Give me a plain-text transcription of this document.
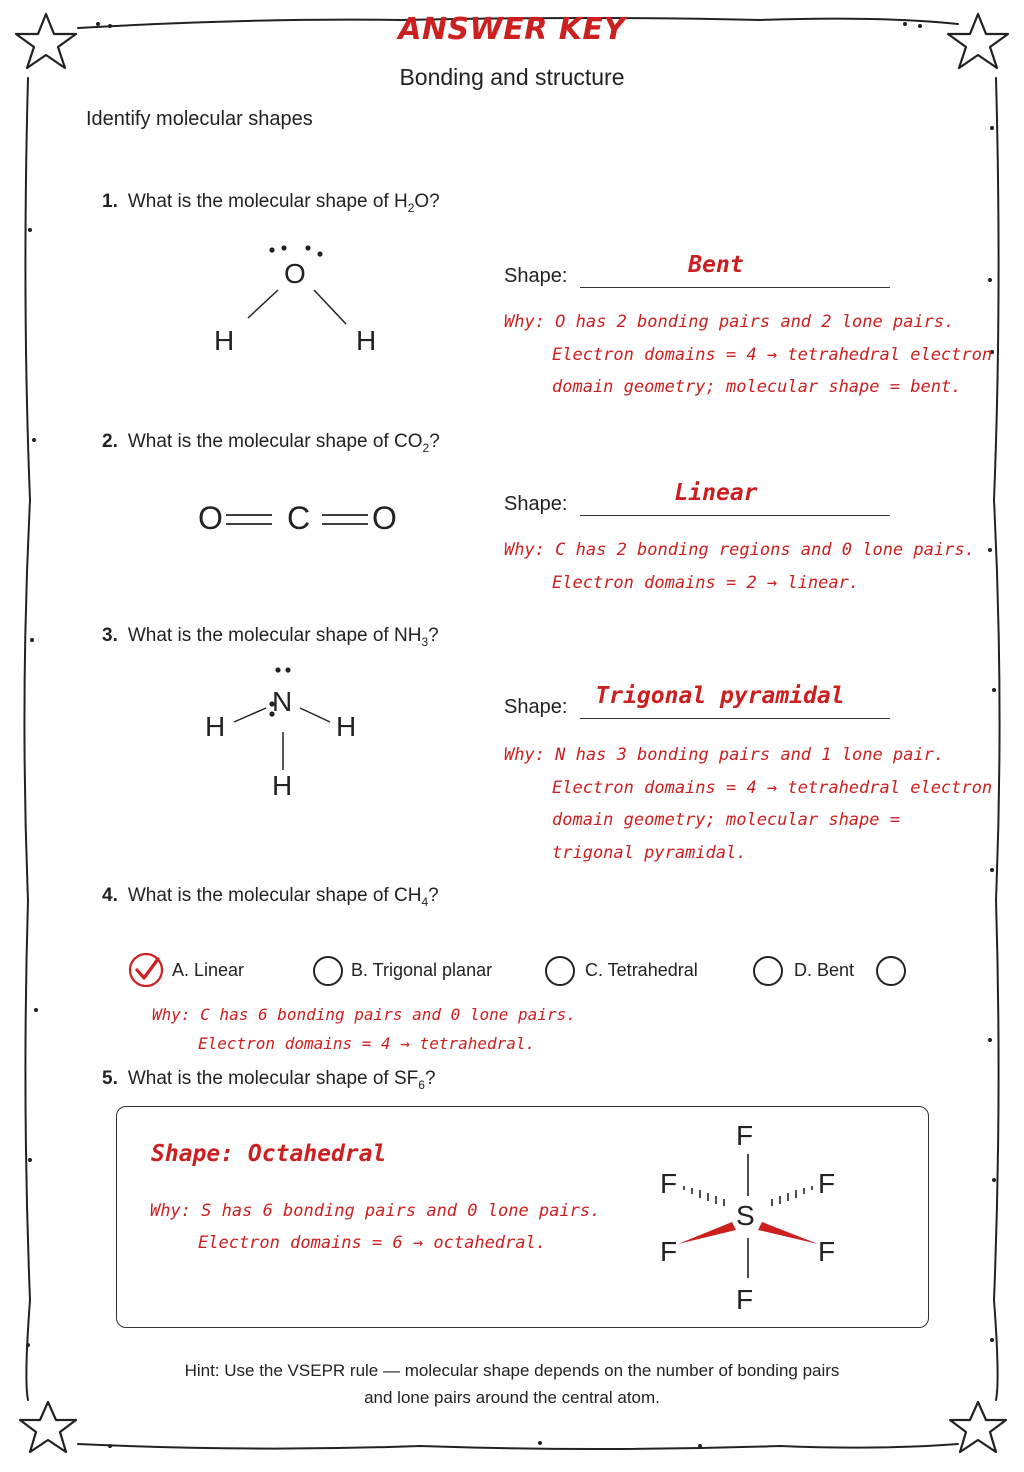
ANSWER KEY
Bonding and structure
Identify molecular shapes
1. What is the molecular shape of $H_2O$?
O
H	H
Shape:	Bent
Why: O has 2 bonding pairs and 2 lone pairs.
Electron domains = 4 → tetrahedral electron
domain geometry; molecular shape = bent.
2. What is the molecular shape of $CO_2$?
O C O	Shape:	Linear
Why: C has 2 bonding regions and 0 lone pairs.
Electron domains = 2 → linear.
3. What is the molecular shape of $NH_3$?
N
H	H
H
Shape:	Trigonal pyramidal
Why: N has 3 bonding pairs and 1 lone pair.
Electron domains = 4 → tetrahedral electron
domain geometry; molecular shape =
trigonal pyramidal.
4. What is the molecular shape of $CH_4$?
A. Linear	B. Trigonal planar	C. Tetrahedral	D. Bent
Why: C has 6 bonding pairs and 0 lone pairs.
Electron domains = 4 → tetrahedral.
5. What is the molecular shape of $SF_6$?
Shape: Octahedral
Why: S has 6 bonding pairs and 0 lone pairs.
Electron domains = 6 → octahedral.
F
S
F
F	F
F	F
Hint: Use the VSEPR rule — molecular shape depends on the number of bonding pairs
and lone pairs around the central atom.
